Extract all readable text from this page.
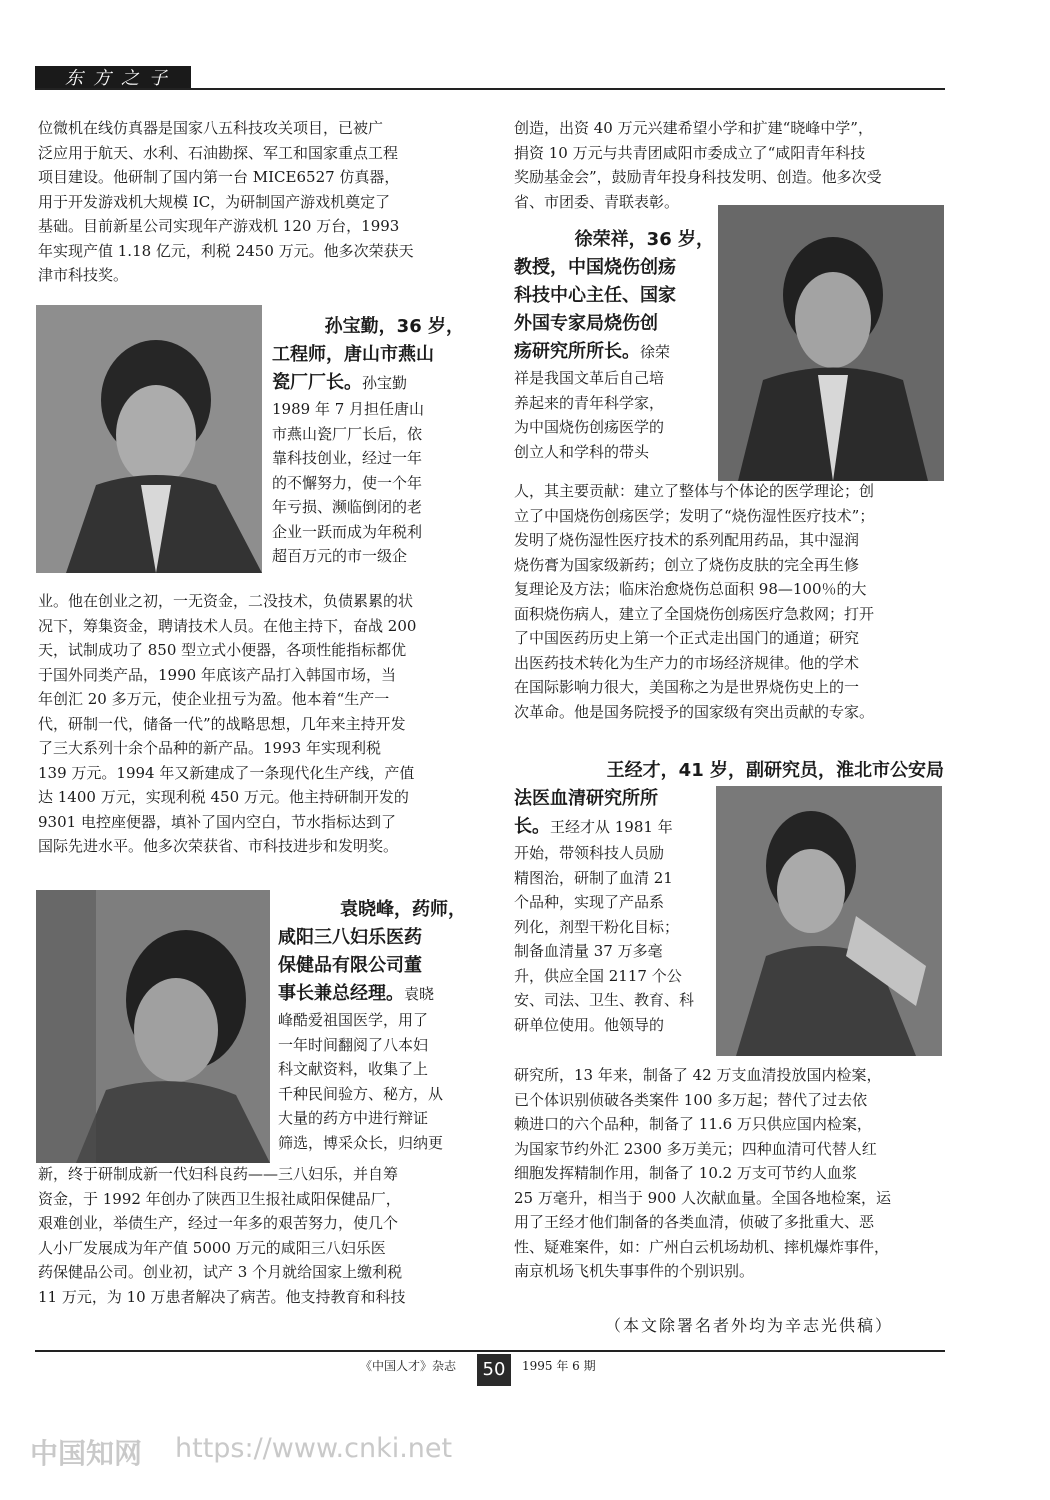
东方之子

位微机在线仿真器是国家八五科技攻关项目，已被广

泛应用于航天、水利、石油勘探、军工和国家重点工程

项目建设。他研制了国内第一台 MICE6527 仿真器，

用于开发游戏机大规模 IC，为研制国产游戏机奠定了

基础。目前新星公司实现年产游戏机 120 万台，1993

年实现产值 1.18 亿元，利税 2450 万元。他多次荣获天

津市科技奖。

孙宝勤，36 岁，

工程师，唐山市燕山

瓷厂厂长。孙宝勤

1989 年 7 月担任唐山

市燕山瓷厂厂长后，依

靠科技创业，经过一年

的不懈努力，使一个年

年亏损、濒临倒闭的老

企业一跃而成为年税利

超百万元的市一级企

业。他在创业之初，一无资金，二没技术，负债累累的状

况下，筹集资金，聘请技术人员。在他主持下，奋战 200

天，试制成功了 850 型立式小便器，各项性能指标都优

于国外同类产品，1990 年底该产品打入韩国市场，当

年创汇 20 多万元，使企业扭亏为盈。他本着“生产一

代，研制一代，储备一代”的战略思想，几年来主持开发

了三大系列十余个品种的新产品。1993 年实现利税

139 万元。1994 年又新建成了一条现代化生产线，产值

达 1400 万元，实现利税 450 万元。他主持研制开发的

9301 电控座便器，填补了国内空白，节水指标达到了

国际先进水平。他多次荣获省、市科技进步和发明奖。

袁晓峰，药师，

咸阳三八妇乐医药

保健品有限公司董

事长兼总经理。袁晓

峰酷爱祖国医学，用了

一年时间翻阅了八本妇

科文献资料，收集了上

千种民间验方、秘方，从

大量的药方中进行辩证

筛选，博采众长，归纳更

新，终于研制成新一代妇科良药——三八妇乐，并自筹

资金，于 1992 年创办了陕西卫生报社咸阳保健品厂，

艰难创业，举债生产，经过一年多的艰苦努力，使几个

人小厂发展成为年产值 5000 万元的咸阳三八妇乐医

药保健品公司。创业初，试产 3 个月就给国家上缴利税

11 万元，为 10 万患者解决了病苦。他支持教育和科技

创造，出资 40 万元兴建希望小学和扩建“晓峰中学”，

捐资 10 万元与共青团咸阳市委成立了“咸阳青年科技

奖励基金会”，鼓励青年投身科技发明、创造。他多次受

省、市团委、青联表彰。

徐荣祥，36 岁，

教授，中国烧伤创疡

科技中心主任、国家

外国专家局烧伤创

疡研究所所长。徐荣

祥是我国文革后自己培

养起来的青年科学家，

为中国烧伤创疡医学的

创立人和学科的带头

人，其主要贡献：建立了整体与个体论的医学理论；创

立了中国烧伤创疡医学；发明了“烧伤湿性医疗技术”；

发明了烧伤湿性医疗技术的系列配用药品，其中湿润

烧伤膏为国家级新药；创立了烧伤皮肤的完全再生修

复理论及方法；临床治愈烧伤总面积 98—100％的大

面积烧伤病人，建立了全国烧伤创疡医疗急救网；打开

了中国医药历史上第一个正式走出国门的通道；研究

出医药技术转化为生产力的市场经济规律。他的学术

在国际影响力很大，美国称之为是世界烧伤史上的一

次革命。他是国务院授予的国家级有突出贡献的专家。

王经才，41 岁，副研究员，淮北市公安局

法医血清研究所所

长。王经才从 1981 年

开始，带领科技人员励

精图治，研制了血清 21

个品种，实现了产品系

列化，剂型干粉化目标；

制备血清量 37 万多毫

升，供应全国 2117 个公

安、司法、卫生、教育、科

研单位使用。他领导的

研究所，13 年来，制备了 42 万支血清投放国内检案，

已个体识别侦破各类案件 100 多万起；替代了过去依

赖进口的六个品种，制备了 11.6 万只供应国内检案，

为国家节约外汇 2300 多万美元；四种血清可代替人红

细胞发挥精制作用，制备了 10.2 万支可节约人血浆

25 万毫升，相当于 900 人次献血量。全国各地检案，运

用了王经才他们制备的各类血清，侦破了多批重大、恶

性、疑难案件，如：广州白云机场劫机、摔机爆炸事件，

南京机场飞机失事事件的个别识别。

（本文除署名者外均为辛志光供稿）
《中国人才》杂志	50	1995 年 6 期
中国知网 https://www.cnki.net
